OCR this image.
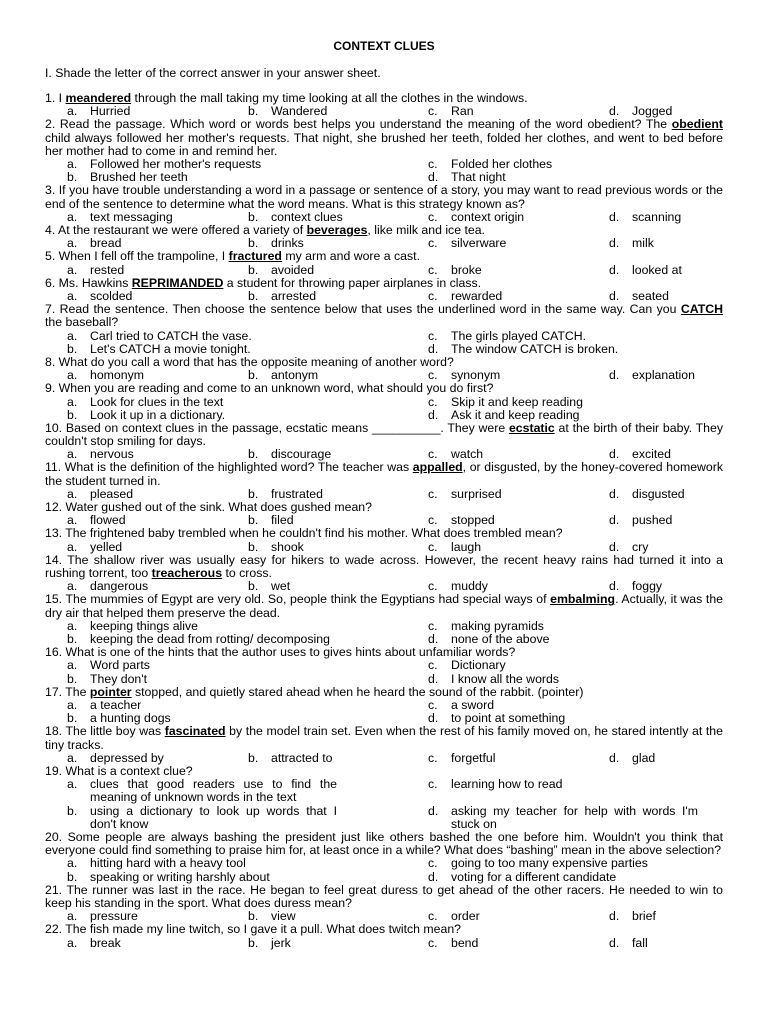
CONTEXT CLUES
I. Shade the letter of the correct answer in your answer sheet.
1. I meandered through the mall taking my time looking at all the clothes in the windows.
a. Hurried	b. Wandered	c. Ran	d. Jogged
2. Read the passage. Which word or words best helps you understand the meaning of the word obedient? The obedient child always followed her mother's requests. That night, she brushed her teeth, folded her clothes, and went to bed before her mother had to come in and remind her.
a. Followed her mother's requests	c. Folded her clothes
b. Brushed her teeth	d. That night
3. If you have trouble understanding a word in a passage or sentence of a story, you may want to read previous words or the end of the sentence to determine what the word means. What is this strategy known as?
a. text messaging	b. context clues	c. context origin	d. scanning
4. At the restaurant we were offered a variety of beverages, like milk and ice tea.
a. bread	b. drinks	c. silverware	d. milk
5. When I fell off the trampoline, I fractured my arm and wore a cast.
a. rested	b. avoided	c. broke	d. looked at
6. Ms. Hawkins REPRIMANDED a student for throwing paper airplanes in class.
a. scolded	b. arrested	c. rewarded	d. seated
7. Read the sentence. Then choose the sentence below that uses the underlined word in the same way. Can you CATCH the baseball?
a. Carl tried to CATCH the vase.	c. The girls played CATCH.
b. Let's CATCH a movie tonight.	d. The window CATCH is broken.
8. What do you call a word that has the opposite meaning of another word?
a. homonym	b. antonym	c. synonym	d. explanation
9. When you are reading and come to an unknown word, what should you do first?
a. Look for clues in the text	c. Skip it and keep reading
b. Look it up in a dictionary.	d. Ask it and keep reading
10. Based on context clues in the passage, ecstatic means __________. They were ecstatic at the birth of their baby. They couldn't stop smiling for days.
a. nervous	b. discourage	c. watch	d. excited
11. What is the definition of the highlighted word? The teacher was appalled, or disgusted, by the honey-covered homework the student turned in.
a. pleased	b. frustrated	c. surprised	d. disgusted
12. Water gushed out of the sink. What does gushed mean?
a. flowed	b. filed	c. stopped	d. pushed
13. The frightened baby trembled when he couldn't find his mother. What does trembled mean?
a. yelled	b. shook	c. laugh	d. cry
14. The shallow river was usually easy for hikers to wade across. However, the recent heavy rains had turned it into a rushing torrent, too treacherous to cross.
a. dangerous	b. wet	c. muddy	d. foggy
15. The mummies of Egypt are very old. So, people think the Egyptians had special ways of embalming. Actually, it was the dry air that helped them preserve the dead.
a. keeping things alive	c. making pyramids
b. keeping the dead from rotting/ decomposing	d. none of the above
16. What is one of the hints that the author uses to gives hints about unfamiliar words?
a. Word parts	c. Dictionary
b. They don't	d. I know all the words
17. The pointer stopped, and quietly stared ahead when he heard the sound of the rabbit. (pointer)
a. a teacher	c. a sword
b. a hunting dogs	d. to point at something
18. The little boy was fascinated by the model train set. Even when the rest of his family moved on, he stared intently at the tiny tracks.
a. depressed by	b. attracted to	c. forgetful	d. glad
19. What is a context clue?
a.	clues that good readers use to find the meaning of unknown words in the text
c.	learning how to read
b.	using a dictionary to look up words that I don't know
d.	asking my teacher for help with words I'm stuck on
20. Some people are always bashing the president just like others bashed the one before him. Wouldn't you think that everyone could find something to praise him for, at least once in a while? What does “bashing” mean in the above selection?
a. hitting hard with a heavy tool	c. going to too many expensive parties
b. speaking or writing harshly about	d. voting for a different candidate
21. The runner was last in the race. He began to feel great duress to get ahead of the other racers. He needed to win to keep his standing in the sport. What does duress mean?
a. pressure	b. view	c. order	d. brief
22. The fish made my line twitch, so I gave it a pull. What does twitch mean?
a. break	b. jerk	c. bend	d. fall
